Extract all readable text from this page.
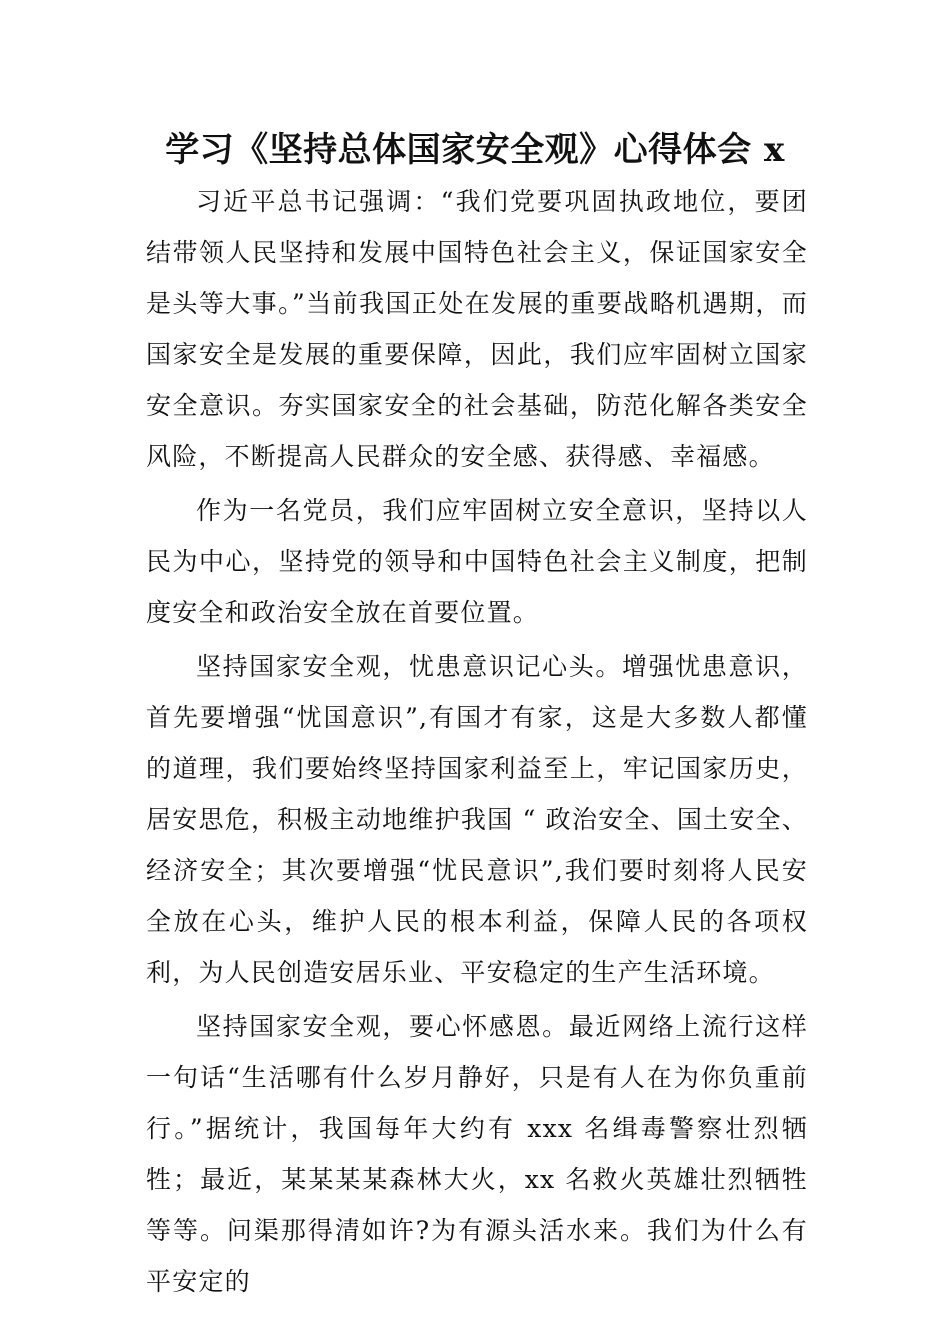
学习《坚持总体国家安全观》心得体会 x

习近平总书记强调：“我们党要巩固执政地位，要团结带领人民坚持和发展中国特色社会主义，保证国家安全是头等大事。”当前我国正处在发展的重要战略机遇期，而国家安全是发展的重要保障，因此，我们应牢固树立国家安全意识。夯实国家安全的社会基础，防范化解各类安全风险，不断提高人民群众的安全感、获得感、幸福感。

作为一名党员，我们应牢固树立安全意识，坚持以人民为中心，坚持党的领导和中国特色社会主义制度，把制度安全和政治安全放在首要位置。

坚持国家安全观，忧患意识记心头。增强忧患意识，首先要增强“忧国意识”,有国才有家，这是大多数人都懂的道理，我们要始终坚持国家利益至上，牢记国家历史，居安思危，积极主动地维护我国 “ 政治安全、国土安全、经济安全；其次要增强“忧民意识”,我们要时刻将人民安全放在心头，维护人民的根本利益，保障人民的各项权利，为人民创造安居乐业、平安稳定的生产生活环境。

坚持国家安全观，要心怀感恩。最近网络上流行这样一句话“生活哪有什么岁月静好，只是有人在为你负重前行。”据统计，我国每年大约有 xxx 名缉毒警察壮烈牺牲；最近，某某某某森林大火，xx 名救火英雄壮烈牺牲等等。问渠那得清如许?为有源头活水来。我们为什么有平安定的
